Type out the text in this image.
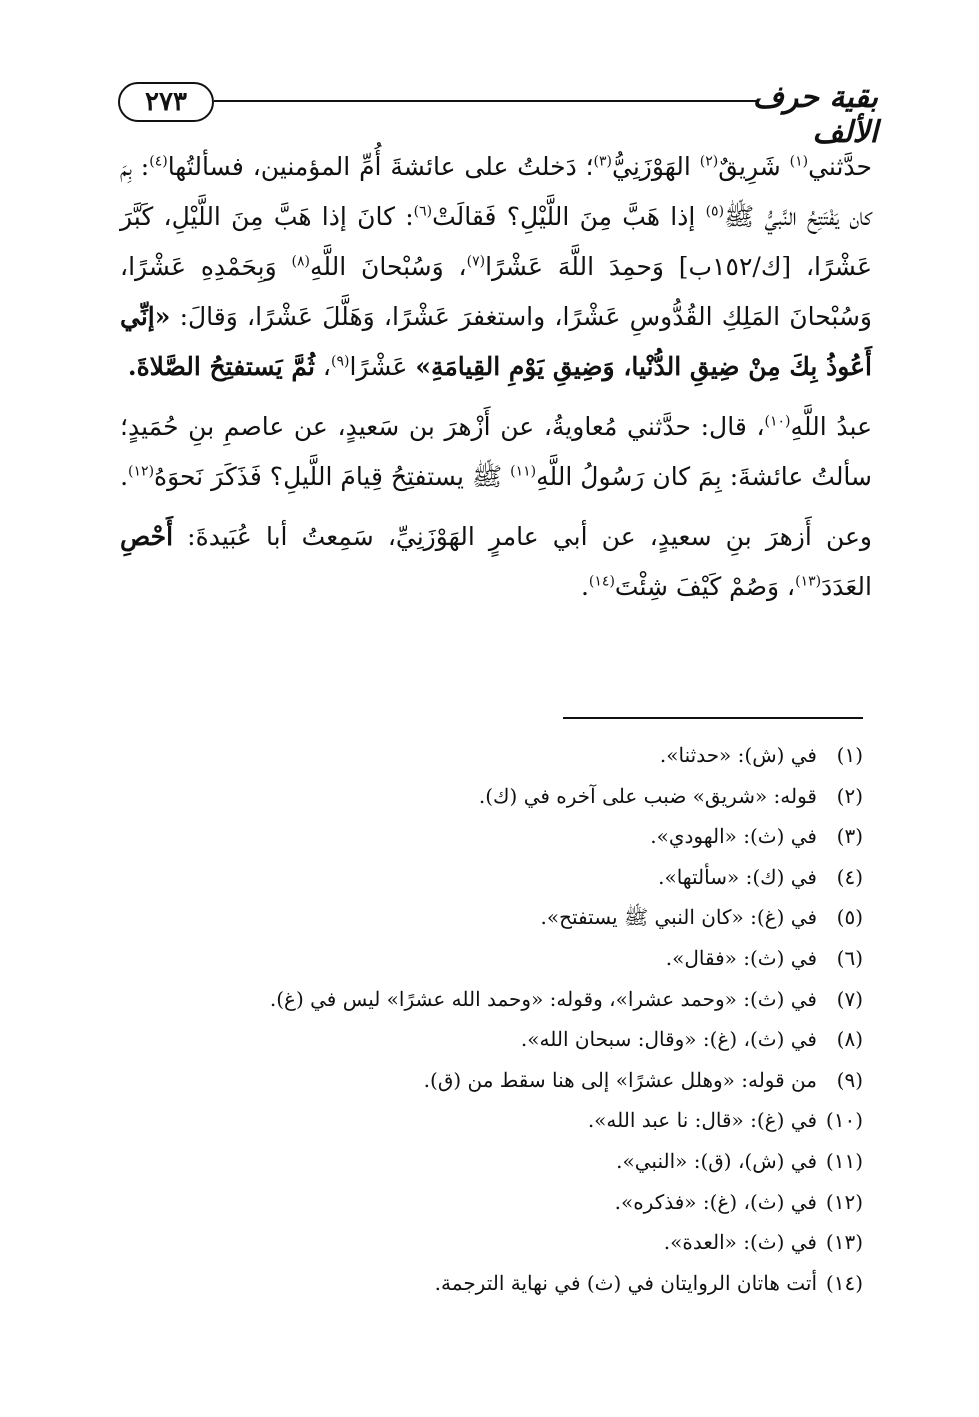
٢٧٣	بقية حرف الألف

حدَّثني$^{(١)}$ شَرِيقٌ$^{(٢)}$ الهَوْزَنِيُّ$^{(٣)}$؛ دَخلتُ على عائشةَ أُمِّ المؤمنين، فسألتُها$^{(٤)}$: بِمَ كان يَفْتَتِحُ النَّبيُّ ﷺ$^{(٥)}$ إذا هَبَّ مِنَ اللَّيْلِ؟ فَقالَتْ$^{(٦)}$: كانَ إذا هَبَّ مِنَ اللَّيْلِ، كَبَّرَ عَشْرًا، [ك/١٥٢ب] وَحمِدَ اللَّهَ عَشْرًا$^{(٧)}$، وَسُبْحانَ اللَّهِ$^{(٨)}$ وَبِحَمْدِهِ عَشْرًا، وَسُبْحانَ المَلِكِ القُدُّوسِ عَشْرًا، واستغفرَ عَشْرًا، وَهَلَّلَ عَشْرًا، وَقالَ: «إنِّي أَعُوذُ بِكَ مِنْ ضِيقِ الدُّنْيا، وَضِيقِ يَوْمِ القِيامَةِ» عَشْرًا$^{(٩)}$، ثُمَّ يَستفتِحُ الصَّلاةَ.

عبدُ اللَّهِ$^{(١٠)}$، قال: حدَّثني مُعاويةُ، عن أَزْهرَ بن سَعيدٍ، عن عاصمِ بنِ حُمَيدٍ؛ سألتُ عائشةَ: بِمَ كان رَسُولُ اللَّهِ$^{(١١)}$ ﷺ يستفتِحُ قِيامَ اللَّيلِ؟ فَذَكَرَ نَحوَهُ$^{(١٢)}$.

وعن أَزهرَ بنِ سعيدٍ، عن أبي عامرٍ الهَوْزَنِيِّ، سَمِعتُ أبا عُبَيدةَ: أَحْصِ العَدَدَ$^{(١٣)}$، وَصُمْ كَيْفَ شِئْتَ$^{(١٤)}$.

(١)
في (ش): «حدثنا».
(٢)
قوله: «شريق» ضبب على آخره في (ك).
(٣)
في (ث): «الهودي».
(٤)
في (ك): «سألتها».
(٥)
في (غ): «كان النبي ﷺ يستفتح».
(٦)
في (ث): «فقال».
(٧)
في (ث): «وحمد عشرا»، وقوله: «وحمد الله عشرًا» ليس في (غ).
(٨)
في (ث)، (غ): «وقال: سبحان الله».
(٩)
من قوله: «وهلل عشرًا» إلى هنا سقط من (ق).
(١٠)
في (غ): «قال: نا عبد الله».
(١١)
في (ش)، (ق): «النبي».
(١٢)
في (ث)، (غ): «فذكره».
(١٣)
في (ث): «العدة».
(١٤)
أتت هاتان الروايتان في (ث) في نهاية الترجمة.
